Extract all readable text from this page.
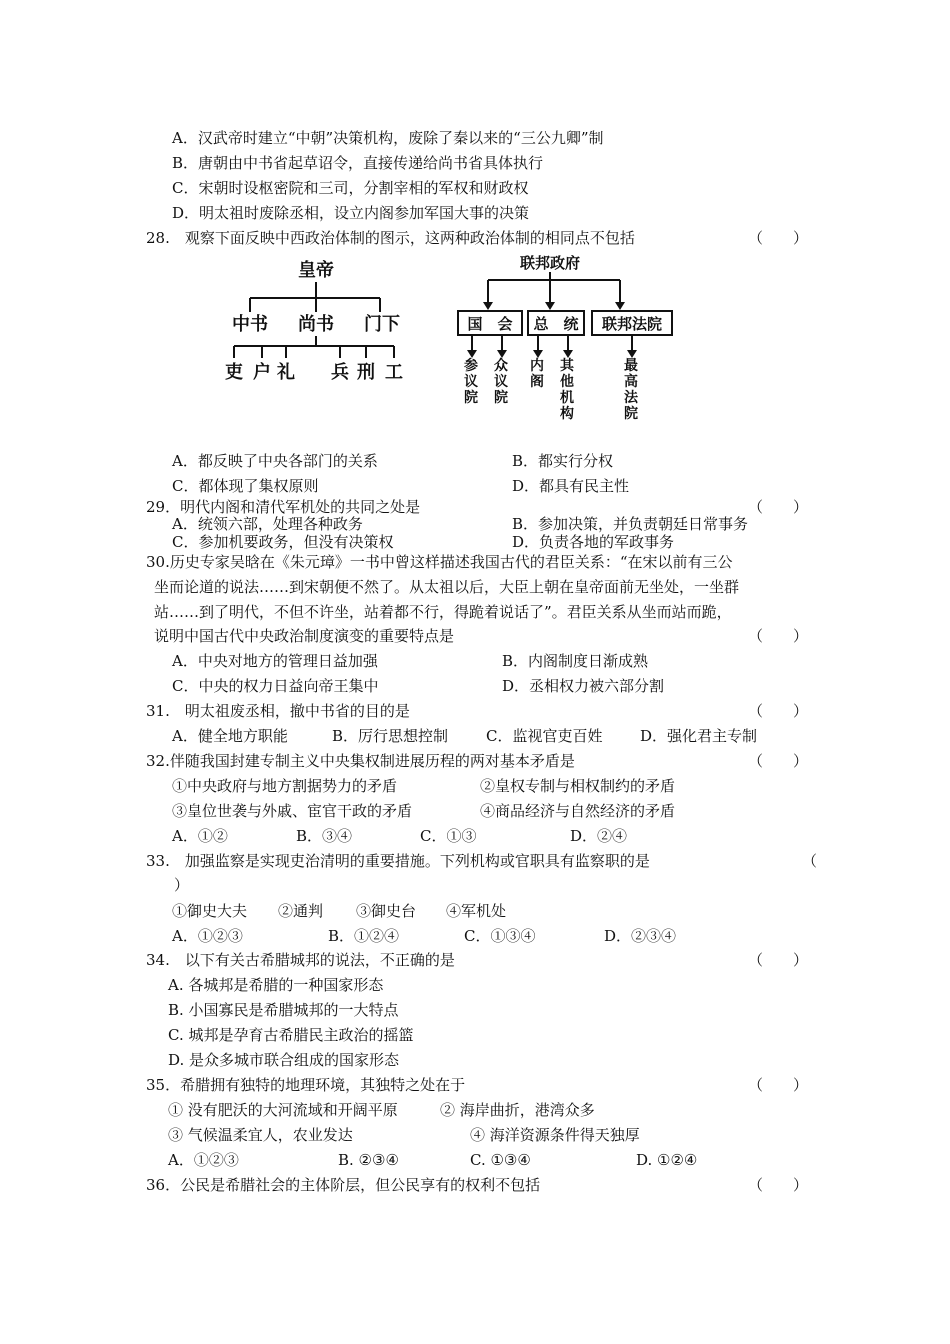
A．汉武帝时建立“中朝”决策机构，废除了秦以来的“三公九卿”制
B．唐朝由中书省起草诏令，直接传递给尚书省具体执行
C．宋朝时设枢密院和三司，分割宰相的军权和财政权
D．明太祖时废除丞相，设立内阁参加军国大事的决策
28.　观察下面反映中西政治体制的图示，这两种政治体制的相同点不包括	（　　）
皇帝
中书 尚书 门下
吏 户 礼 兵 刑 工
联邦政府
国　会 总　统 联邦法院
参议院
众议院
内阁
其他机构
最高法院
A．都反映了中央各部门的关系	B．都实行分权
C．都体现了集权原则	D．都具有民主性
29．明代内阁和清代军机处的共同之处是	（　　）
A．统领六部，处理各种政务	B．参加决策，并负责朝廷日常事务
C．参加机要政务，但没有决策权	D．负责各地的军政事务
30.历史专家吴晗在《朱元璋》一书中曾这样描述我国古代的君臣关系：“在宋以前有三公
坐而论道的说法……到宋朝便不然了。从太祖以后，大臣上朝在皇帝面前无坐处，一坐群
站……到了明代，不但不许坐，站着都不行，得跪着说话了”。君臣关系从坐而站而跪，
说明中国古代中央政治制度演变的重要特点是	（　　）
A．中央对地方的管理日益加强	B．内阁制度日渐成熟
C．中央的权力日益向帝王集中	D．丞相权力被六部分割
31.　明太祖废丞相，撤中书省的目的是	（　　）
A．健全地方职能	B．厉行思想控制	C．监视官吏百姓	D．强化君主专制
32.伴随我国封建专制主义中央集权制进展历程的两对基本矛盾是	（　　）
①中央政府与地方割据势力的矛盾	②皇权专制与相权制约的矛盾
③皇位世袭与外戚、宦官干政的矛盾	④商品经济与自然经济的矛盾
A．①②	B．③④	C．①③	D．②④
33.　加强监察是实现吏治清明的重要措施。下列机构或官职具有监察职的是	（
）
①御史大夫 ②通判 ③御史台 ④军机处
A．①②③	B．①②④	C．①③④	D．②③④
34.　以下有关古希腊城邦的说法，不正确的是	（　　）
A. 各城邦是希腊的一种国家形态
B. 小国寡民是希腊城邦的一大特点
C. 城邦是孕育古希腊民主政治的摇篮
D. 是众多城市联合组成的国家形态
35．希腊拥有独特的地理环境，其独特之处在于	（　　）
① 没有肥沃的大河流域和开阔平原	② 海岸曲折，港湾众多
③ 气候温柔宜人，农业发达	④ 海洋资源条件得天独厚
A．①②③	B. ②③④	C. ①③④	D. ①②④
36．公民是希腊社会的主体阶层，但公民享有的权利不包括	（　　）
